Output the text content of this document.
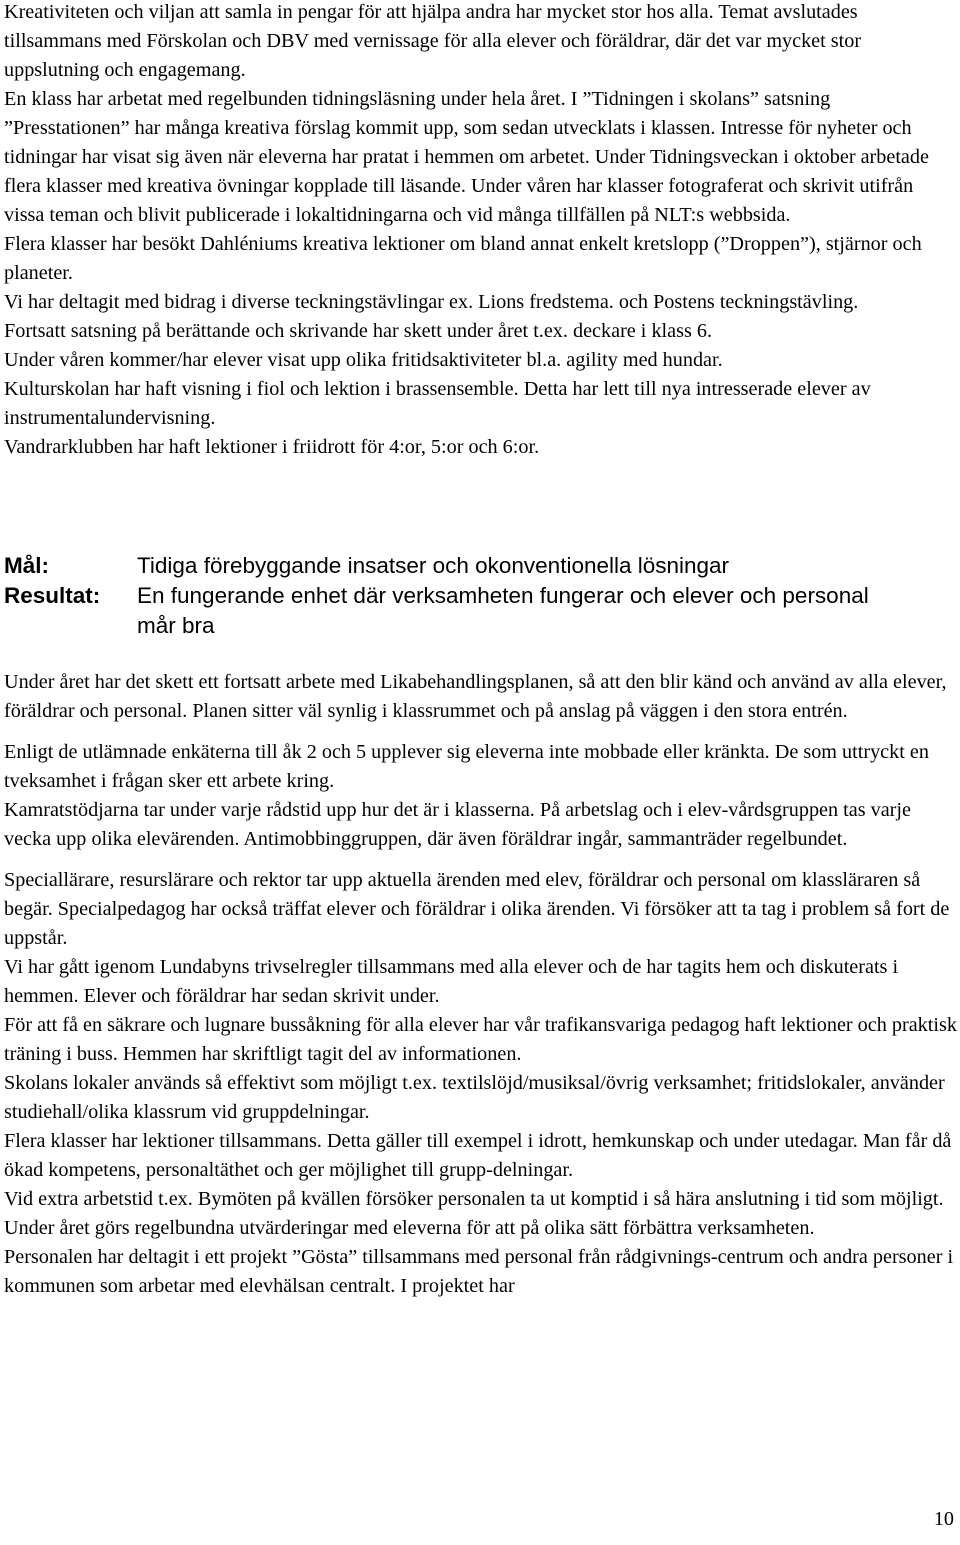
Kreativiteten och viljan att samla in pengar för att hjälpa andra har mycket stor hos alla. Temat avslutades tillsammans med Förskolan och DBV med vernissage för alla elever och föräldrar, där det var mycket stor uppslutning och engagemang.

En klass har arbetat med regelbunden tidningsläsning under hela året. I ”Tidningen i skolans” satsning ”Presstationen” har många kreativa förslag kommit upp, som sedan utvecklats i klassen. Intresse för nyheter och tidningar har visat sig även när eleverna har pratat i hemmen om arbetet. Under Tidningsveckan i oktober arbetade flera klasser med kreativa övningar kopplade till läsande. Under våren har klasser fotograferat och skrivit utifrån vissa teman och blivit publicerade i lokaltidningarna och vid många tillfällen på NLT:s webbsida.

Flera klasser har besökt Dahléniums kreativa lektioner om bland annat enkelt kretslopp (”Droppen”), stjärnor och planeter.

Vi har deltagit med bidrag i diverse teckningstävlingar ex. Lions fredstema. och Postens teckningstävling.

Fortsatt satsning på berättande och skrivande har skett under året t.ex. deckare i klass 6.

Under våren kommer/har elever visat upp olika fritidsaktiviteter bl.a. agility med hundar.

Kulturskolan har haft visning i fiol och lektion i brassensemble. Detta har lett till nya intresserade elever av instrumentalundervisning.

Vandrarklubben har haft lektioner i friidrott för 4:or, 5:or och 6:or.

Mål:	Tidiga förebyggande insatser och okonventionella lösningar
Resultat:	En fungerande enhet där verksamheten fungerar och elever och personal mår bra

Under året har det skett ett fortsatt arbete med Likabehandlingsplanen, så att den blir känd och använd av alla elever, föräldrar och personal. Planen sitter väl synlig i klassrummet och på anslag på väggen i den stora entrén.

Enligt de utlämnade enkäterna till åk 2 och 5 upplever sig eleverna inte mobbade eller kränkta. De som uttryckt en tveksamhet i frågan sker ett arbete kring.

Kamratstödjarna tar under varje rådstid upp hur det är i klasserna. På arbetslag och i elev-vårdsgruppen tas varje vecka upp olika elevärenden. Antimobbinggruppen, där även föräldrar ingår, sammanträder regelbundet.

Speciallärare, resurslärare och rektor tar upp aktuella ärenden med elev, föräldrar och personal om klassläraren så begär. Specialpedagog har också träffat elever och föräldrar i olika ärenden. Vi försöker att ta tag i problem så fort de uppstår.

Vi har gått igenom Lundabyns trivselregler tillsammans med alla elever och de har tagits hem och diskuterats i hemmen. Elever och föräldrar har sedan skrivit under.

För att få en säkrare och lugnare bussåkning för alla elever har vår trafikansvariga pedagog haft lektioner och praktisk träning i buss. Hemmen har skriftligt tagit del av informationen.

Skolans lokaler används så effektivt som möjligt t.ex. textilslöjd/musiksal/övrig verksamhet; fritidslokaler, använder studiehall/olika klassrum vid gruppdelningar.

Flera klasser har lektioner tillsammans. Detta gäller till exempel i idrott, hemkunskap och under utedagar. Man får då ökad kompetens, personaltäthet och ger möjlighet till grupp-delningar.

Vid extra arbetstid t.ex. Bymöten på kvällen försöker personalen ta ut komptid i så hära anslutning i tid som möjligt.

Under året görs regelbundna utvärderingar med eleverna för att på olika sätt förbättra verksamheten.

Personalen har deltagit i ett projekt ”Gösta” tillsammans med personal från rådgivnings-centrum och andra personer i kommunen som arbetar med elevhälsan centralt. I projektet har

10
